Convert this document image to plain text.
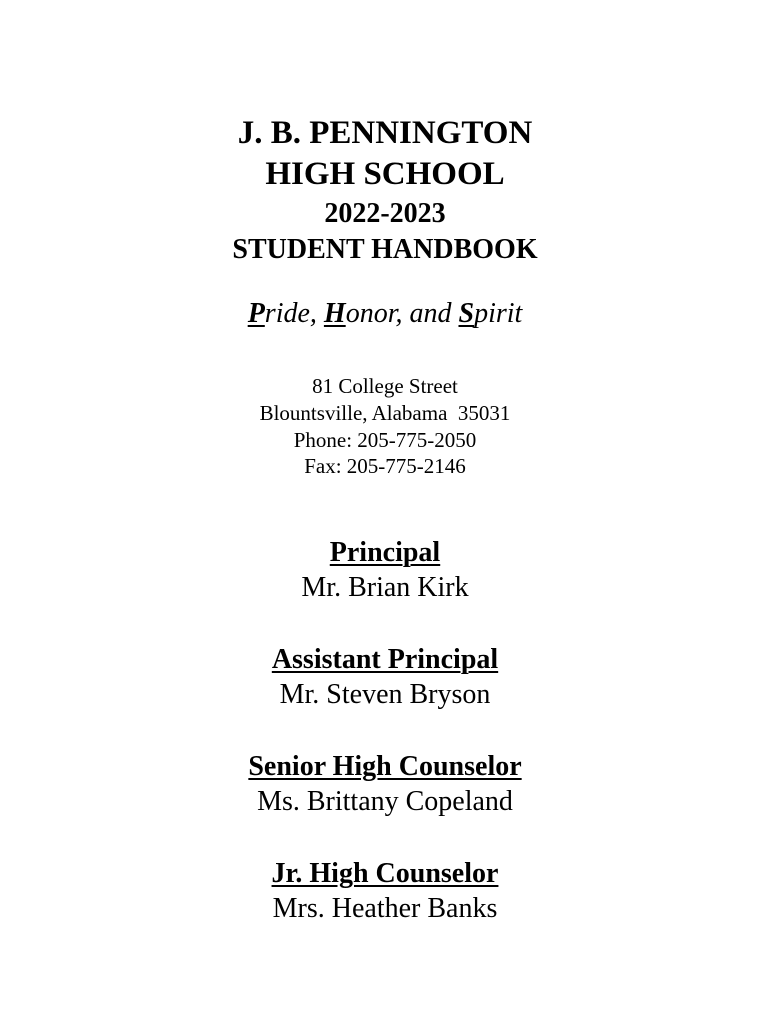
J. B. PENNINGTON
HIGH SCHOOL
2022-2023
STUDENT HANDBOOK
Pride, Honor, and Spirit
81 College Street
Blountsville, Alabama  35031
Phone: 205-775-2050
Fax: 205-775-2146
Principal
Mr. Brian Kirk
Assistant Principal
Mr. Steven Bryson
Senior High Counselor
Ms. Brittany Copeland
Jr. High Counselor
Mrs. Heather Banks
